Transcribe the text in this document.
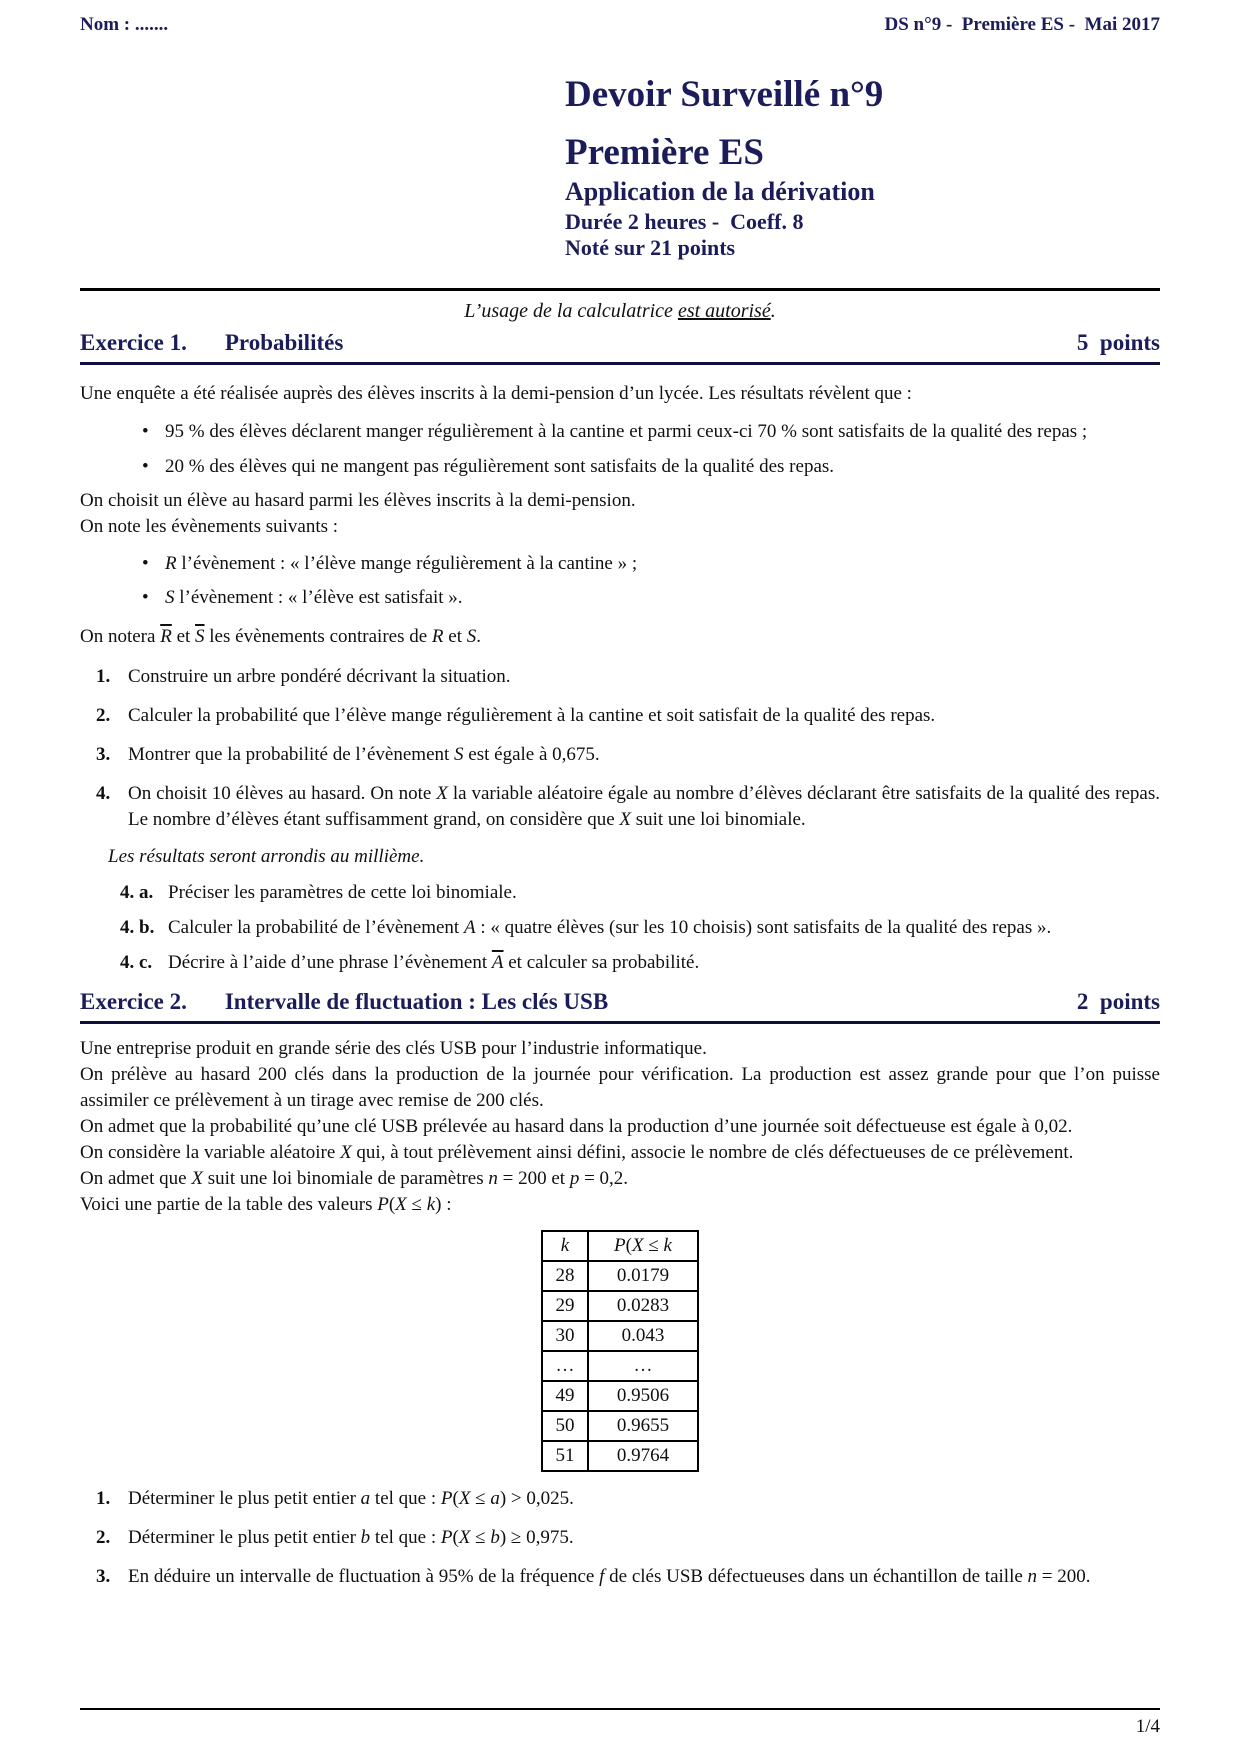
Nom : .......	DS n°9 -  Première ES -  Mai 2017
Devoir Surveillé n°9
Première ES
Application de la dérivation
Durée 2 heures -  Coeff. 8
Noté sur 21 points

L’usage de la calculatrice est autorisé.

Exercice 1. Probabilités	5  points

Une enquête a été réalisée auprès des élèves inscrits à la demi-pension d’un lycée. Les résultats révèlent que :

• 95 % des élèves déclarent manger régulièrement à la cantine et parmi ceux-ci 70 % sont satisfaits de la qualité des repas ;
• 20 % des élèves qui ne mangent pas régulièrement sont satisfaits de la qualité des repas.

On choisit un élève au hasard parmi les élèves inscrits à la demi-pension.

On note les évènements suivants :

• R l’évènement : « l’élève mange régulièrement à la cantine » ;
• S l’évènement : « l’élève est satisfait ».

On notera $\overline{R}$ et $\overline{S}$ les évènements contraires de R et S.

1. Construire un arbre pondéré décrivant la situation.
2. Calculer la probabilité que l’élève mange régulièrement à la cantine et soit satisfait de la qualité des repas.
3. Montrer que la probabilité de l’évènement S est égale à 0,675.
4. On choisit 10 élèves au hasard. On note X la variable aléatoire égale au nombre d’élèves déclarant être satisfaits de la qualité des repas. Le nombre d’élèves étant suffisamment grand, on considère que X suit une loi binomiale.

Les résultats seront arrondis au millième.

4. a. Préciser les paramètres de cette loi binomiale.
4. b. Calculer la probabilité de l’évènement A : « quatre élèves (sur les 10 choisis) sont satisfaits de la qualité des repas ».
4. c. Décrire à l’aide d’une phrase l’évènement $\overline{A}$ et calculer sa probabilité.
Exercice 2. Intervalle de fluctuation : Les clés USB	2  points

Une entreprise produit en grande série des clés USB pour l’industrie informatique.

On prélève au hasard 200 clés dans la production de la journée pour vérification. La production est assez grande pour que l’on puisse assimiler ce prélèvement à un tirage avec remise de 200 clés.

On admet que la probabilité qu’une clé USB prélevée au hasard dans la production d’une journée soit défectueuse est égale à 0,02.

On considère la variable aléatoire X qui, à tout prélèvement ainsi défini, associe le nombre de clés défectueuses de ce prélèvement.

On admet que X suit une loi binomiale de paramètres n = 200 et p = 0,2.

Voici une partie de la table des valeurs P(X ≤ k) :

k	P(X ≤ k
28	0.0179
29	0.0283
30	0.043
…	…
49	0.9506
50	0.9655
51	0.9764
1. Déterminer le plus petit entier a tel que : P(X ≤ a) > 0,025.
2. Déterminer le plus petit entier b tel que : P(X ≤ b) ≥ 0,975.
3. En déduire un intervalle de fluctuation à 95% de la fréquence f de clés USB défectueuses dans un échantillon de taille n = 200.
1/4
